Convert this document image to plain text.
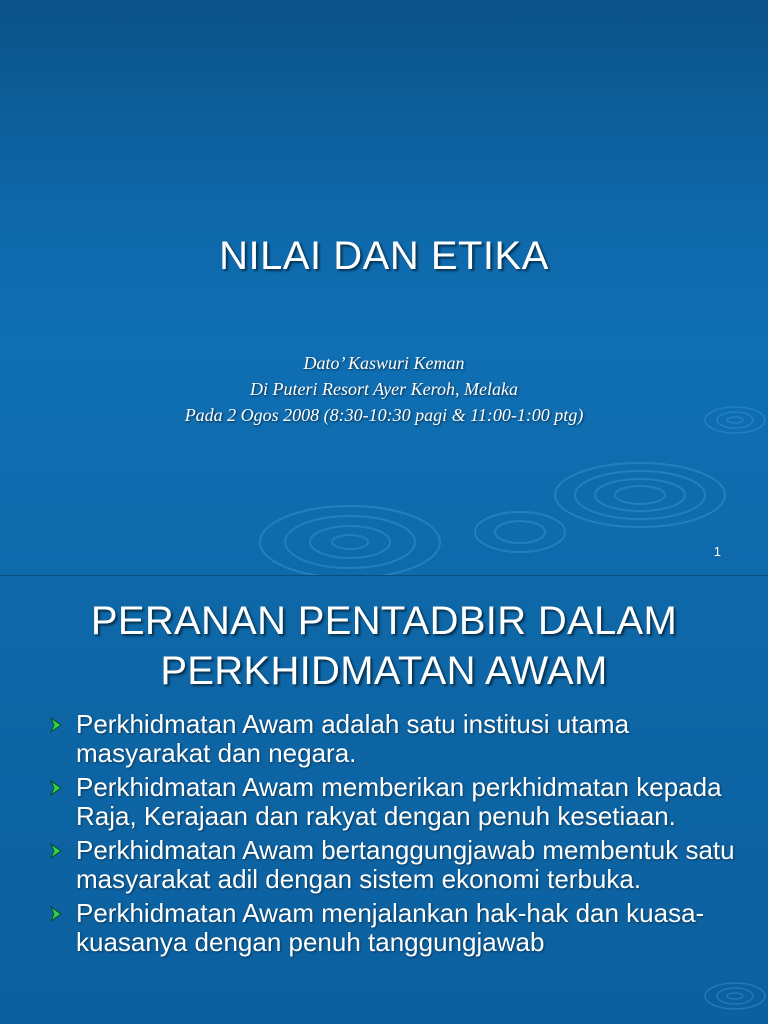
NILAI DAN ETIKA

Dato’ Kaswuri Keman

Di Puteri Resort Ayer Keroh, Melaka

Pada 2 Ogos 2008 (8:30-10:30 pagi & 11:00-1:00 ptg)

1
PERANAN PENTADBIR DALAM
PERKHIDMATAN AWAM
Perkhidmatan Awam adalah satu institusi utama masyarakat dan negara.
Perkhidmatan Awam memberikan perkhidmatan kepada Raja, Kerajaan dan rakyat dengan penuh kesetiaan.
Perkhidmatan Awam bertanggungjawab membentuk satu masyarakat adil dengan sistem ekonomi terbuka.
Perkhidmatan Awam menjalankan hak-hak dan kuasa-kuasanya dengan penuh tanggungjawab
